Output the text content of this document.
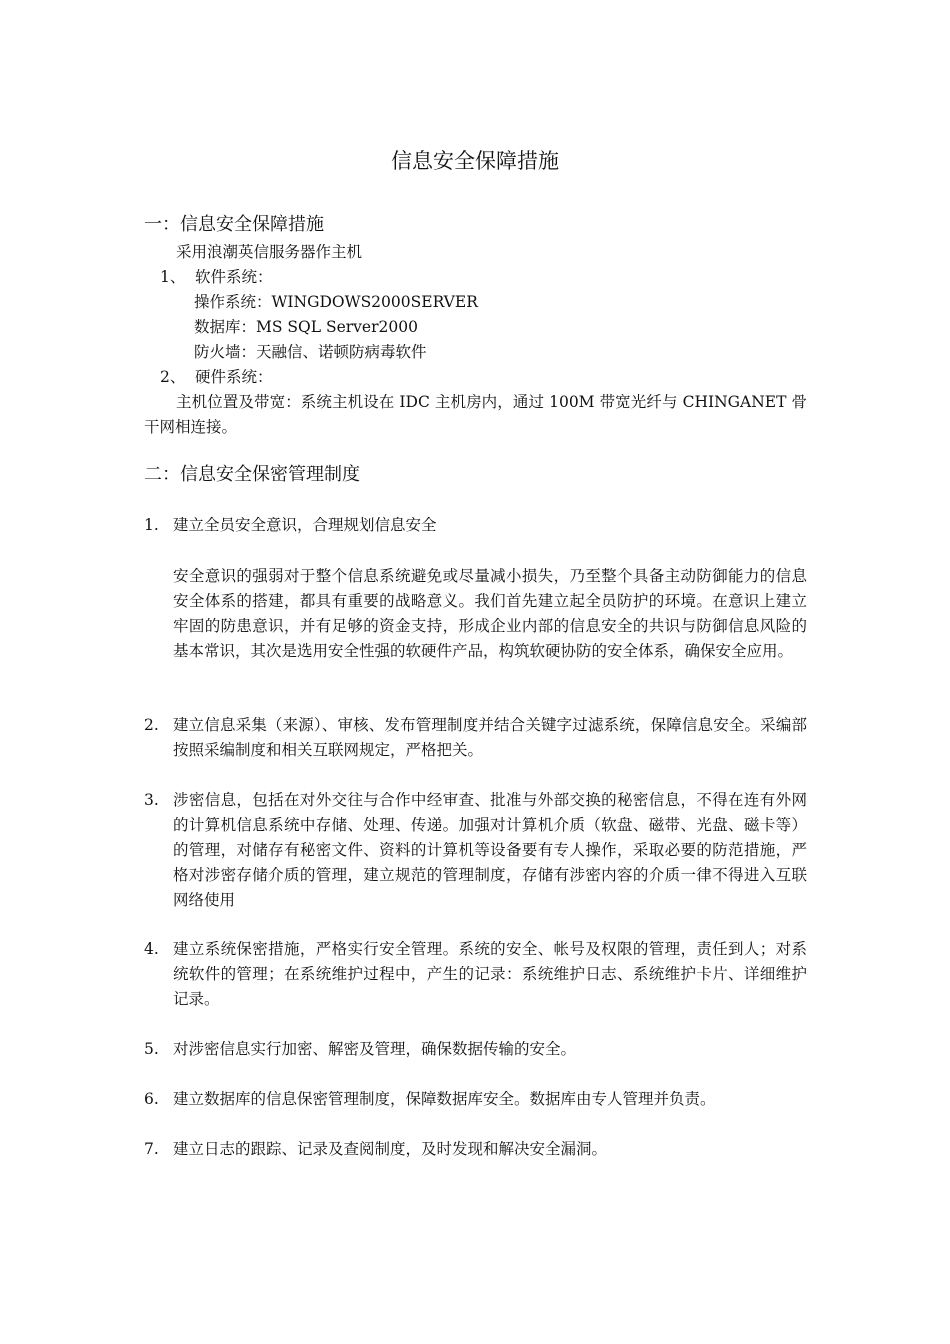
信息安全保障措施
一：信息安全保障措施
采用浪潮英信服务器作主机
1、 软件系统：
操作系统：WINGDOWS2000SERVER
数据库：MS SQL Server2000
防火墙：天融信、诺顿防病毒软件
2、 硬件系统：
主机位置及带宽：系统主机设在 IDC 主机房内，通过 100M 带宽光纤与 CHINGANET 骨干网相连接。
二：信息安全保密管理制度
1. 建立全员安全意识，合理规划信息安全
安全意识的强弱对于整个信息系统避免或尽量减小损失，乃至整个具备主动防御能力的信息安全体系的搭建，都具有重要的战略意义。我们首先建立起全员防护的环境。在意识上建立牢固的防患意识，并有足够的资金支持，形成企业内部的信息安全的共识与防御信息风险的基本常识，其次是选用安全性强的软硬件产品，构筑软硬协防的安全体系，确保安全应用。
2. 建立信息采集（来源）、审核、发布管理制度并结合关键字过滤系统，保障信息安全。采编部按照采编制度和相关互联网规定，严格把关。
3. 涉密信息，包括在对外交往与合作中经审查、批准与外部交换的秘密信息，不得在连有外网的计算机信息系统中存储、处理、传递。加强对计算机介质（软盘、磁带、光盘、磁卡等）的管理，对储存有秘密文件、资料的计算机等设备要有专人操作，采取必要的防范措施，严格对涉密存储介质的管理，建立规范的管理制度，存储有涉密内容的介质一律不得进入互联网络使用
4. 建立系统保密措施，严格实行安全管理。系统的安全、帐号及权限的管理，责任到人；对系统软件的管理；在系统维护过程中，产生的记录：系统维护日志、系统维护卡片、详细维护记录。
5. 对涉密信息实行加密、解密及管理，确保数据传输的安全。
6. 建立数据库的信息保密管理制度，保障数据库安全。数据库由专人管理并负责。
7. 建立日志的跟踪、记录及查阅制度，及时发现和解决安全漏洞。
